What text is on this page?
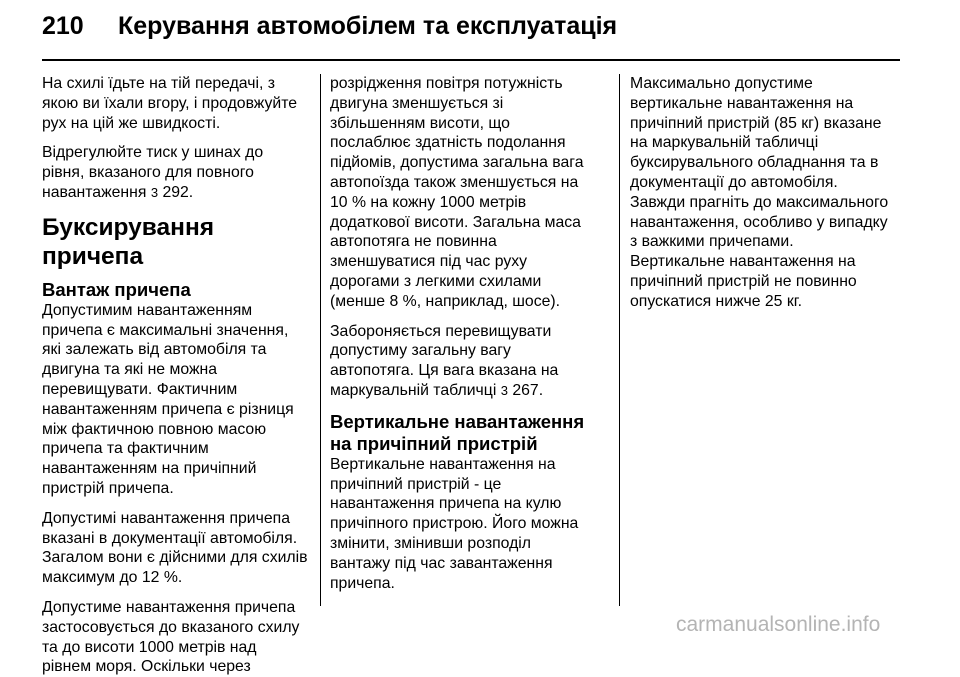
210	Керування автомобілем та експлуатація

На схилі їдьте на тій передачі, з
якою ви їхали вгору, і продовжуйте
рух на цій же швидкості.

Відрегулюйте тиск у шинах до
рівня, вказаного для повного
навантаження 3 292.

Буксирування причепа
Вантаж причепа

Допустимим навантаженням
причепа є максимальні значення,
які залежать від автомобіля та
двигуна та які не можна
перевищувати. Фактичним
навантаженням причепа є різниця
між фактичною повною масою
причепа та фактичним
навантаженням на причіпний
пристрій причепа.

Допустимі навантаження причепа
вказані в документації автомобіля.
Загалом вони є дійсними для схилів
максимум до 12 %.

Допустиме навантаження причепа
застосовується до вказаного схилу
та до висоти 1000 метрів над
рівнем моря. Оскільки через

розрідження повітря потужність
двигуна зменшується зі
збільшенням висоти, що
послаблює здатність подолання
підйомів, допустима загальна вага
автопоїзда також зменшується на
10 % на кожну 1000 метрів
додаткової висоти. Загальна маса
автопотяга не повинна
зменшуватися під час руху
дорогами з легкими схилами
(менше 8 %, наприклад, шосе).

Забороняється перевищувати
допустиму загальну вагу
автопотяга. Ця вага вказана на
маркувальній табличці 3 267.

Вертикальне навантаження
на причіпний пристрій

Вертикальне навантаження на
причіпний пристрій - це
навантаження причепа на кулю
причіпного пристрою. Його можна
змінити, змінивши розподіл
вантажу під час завантаження
причепа.

Максимально допустиме
вертикальне навантаження на
причіпний пристрій (85 кг) вказане
на маркувальній табличці
буксирувального обладнання та в
документації до автомобіля.
Завжди прагніть до максимального
навантаження, особливо у випадку
з важкими причепами.
Вертикальне навантаження на
причіпний пристрій не повинно
опускатися нижче 25 кг.

carmanualsonline.info
